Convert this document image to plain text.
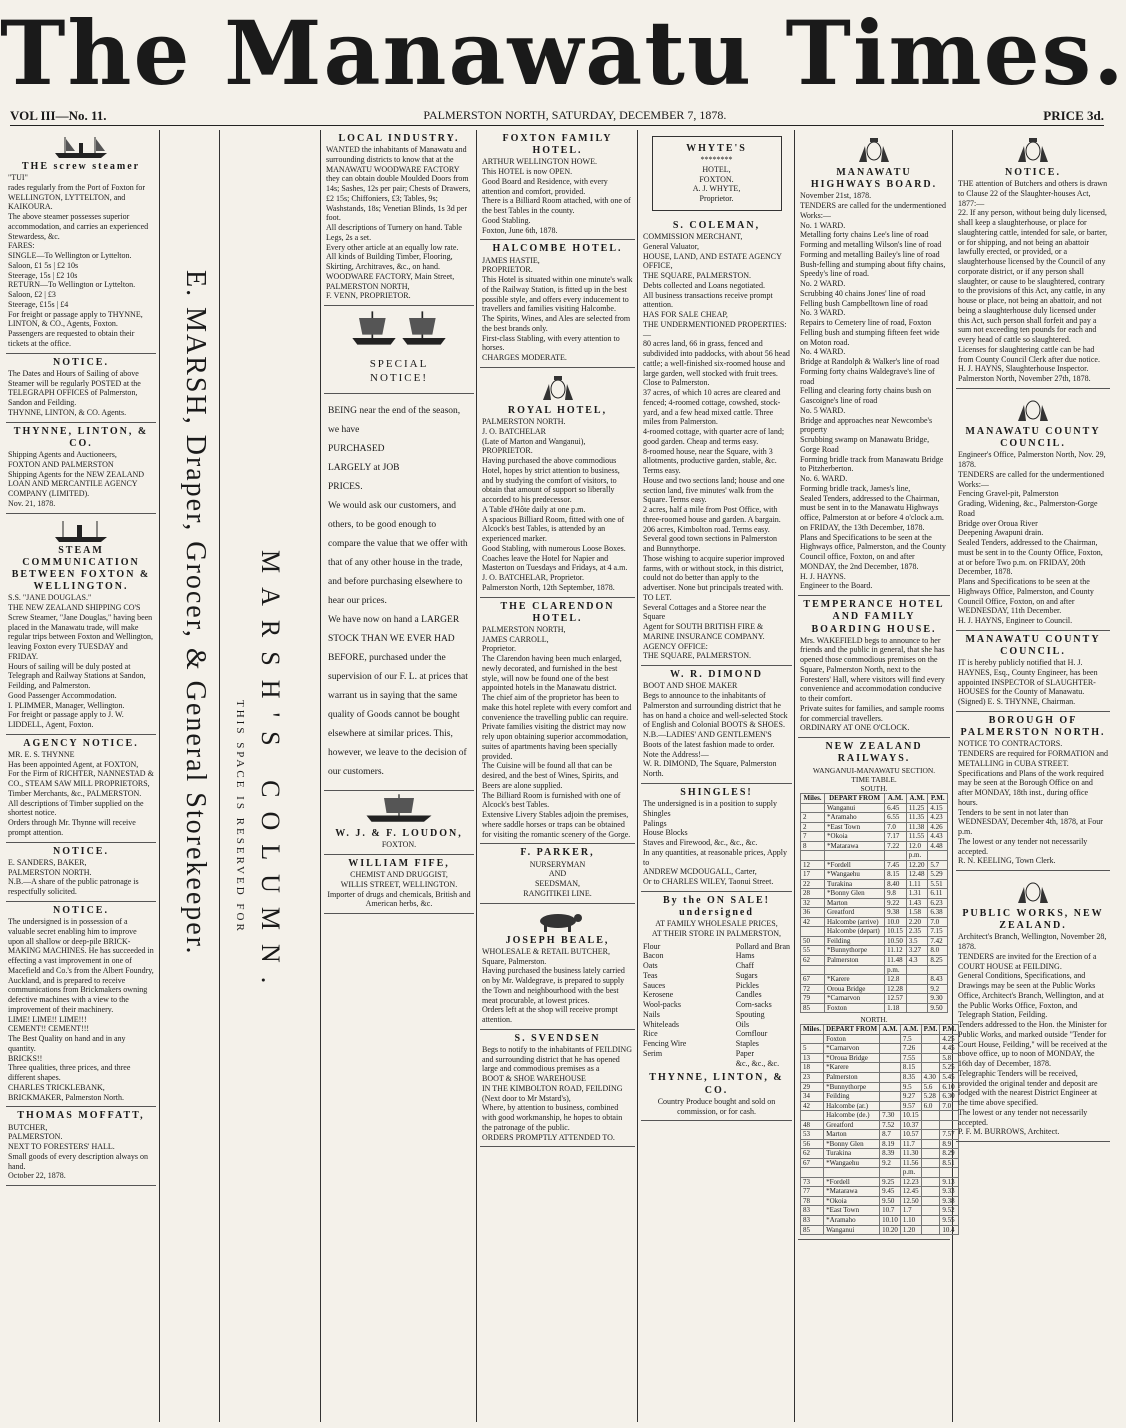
The Manawatu Times.
VOL III—No. 11.	PALMERSTON NORTH, SATURDAY, DECEMBER 7, 1878.	PRICE 3d.
THE screw steamer
"TUI"
rades regularly from the Port of Foxton for WELLINGTON, LYTTELTON, and KAIKOURA.
The above steamer possesses superior accommodation, and carries an experienced Stewardess, &c.
FARES:
SINGLE—To Wellington or Lyttelton. Saloon, £1 5s | £2 10s
Steerage, 15s | £2 10s
RETURN—To Wellington or Lyttelton. Saloon, £2 | £3
Steerage, £15s | £4
For freight or passage apply to THYNNE, LINTON, & CO., Agents, Foxton.
Passengers are requested to obtain their tickets at the office.
NOTICE.
The Dates and Hours of Sailing of above Steamer will be regularly POSTED at the TELEGRAPH OFFICES of Palmerston, Sandon and Feilding.
THYNNE, LINTON, & CO. Agents.
THYNNE, LINTON, & CO.
Shipping Agents and Auctioneers,
FOXTON AND PALMERSTON
Shipping Agents for the NEW ZEALAND LOAN AND MERCANTILE AGENCY COMPANY (LIMITED).
Nov. 21, 1878.
STEAM COMMUNICATION BETWEEN FOXTON & WELLINGTON.
S.S. "JANE DOUGLAS."
THE NEW ZEALAND SHIPPING CO'S Screw Steamer, "Jane Douglas," having been placed in the Manawatu trade, will make regular trips between Foxton and Wellington, leaving Foxton every TUESDAY and FRIDAY.
Hours of sailing will be duly posted at Telegraph and Railway Stations at Sandon, Feilding, and Palmerston.
Good Passenger Accommodation.
I. PLIMMER, Manager, Wellington.
For freight or passage apply to J. W. LIDDELL, Agent, Foxton.
AGENCY NOTICE.
MR. E. S. THYNNE
Has been appointed Agent, at FOXTON,
For the Firm of RICHTER, NANNESTAD & CO., STEAM SAW MILL PROPRIETORS, Timber Merchants, &c., PALMERSTON.
All descriptions of Timber supplied on the shortest notice.
Orders through Mr. Thynne will receive prompt attention.
NOTICE.
E. SANDERS, BAKER,
PALMERSTON NORTH.
N.B.—A share of the public patronage is respectfully solicited.
NOTICE.
The undersigned is in possession of a valuable secret enabling him to improve upon all shallow or deep-pile BRICK-MAKING MACHINES. He has succeeded in effecting a vast improvement in one of Macefield and Co.'s from the Albert Foundry, Auckland, and is prepared to receive communications from Brickmakers owning defective machines with a view to the improvement of their machinery.
LIME! LIME!! LIME!!!
CEMENT!! CEMENT!!!
The Best Quality on hand and in any quantity.
BRICKS!!
Three qualities, three prices, and three different shapes.
CHARLES TRICKLEBANK, BRICKMAKER, Palmerston North.
THOMAS MOFFATT,
BUTCHER,
PALMERSTON.
NEXT TO FORESTERS' HALL.
Small goods of every description always on hand.
October 22, 1878.
E. MARSH, Draper, Grocer, & General Storekeeper. MARSH'S COLUMN.
THIS SPACE IS RESERVED FOR
LOCAL INDUSTRY.
WANTED the inhabitants of Manawatu and surrounding districts to know that at the MANAWATU WOODWARE FACTORY they can obtain double Moulded Doors from 14s; Sashes, 12s per pair; Chests of Drawers, £2 15s; Chiffoniers, £3; Tables, 9s; Washstands, 18s; Venetian Blinds, 1s 3d per foot.
All descriptions of Turnery on hand. Table Legs, 2s a set.
Every other article at an equally low rate.
All kinds of Building Timber, Flooring, Skirting, Architraves, &c., on hand.
WOODWARE FACTORY, Main Street, PALMERSTON NORTH,
F. VENN, PROPRIETOR.
SPECIAL
NOTICE!
BEING near the end of the season, we have
PURCHASED
LARGELY at JOB
PRICES.
We would ask our customers, and others, to be good enough to compare the value that we offer with that of any other house in the trade, and before purchasing elsewhere to hear our prices.
We have now on hand a LARGER STOCK THAN WE EVER HAD BEFORE, purchased under the supervision of our F. L. at prices that warrant us in saying that the same quality of Goods cannot be bought elsewhere at similar prices. This, however, we leave to the decision of our customers.
W. J. & F. LOUDON,
FOXTON.
WILLIAM FIFE,
CHEMIST AND DRUGGIST,
WILLIS STREET, WELLINGTON.
Importer of drugs and chemicals, British and American herbs, &c.
FOXTON FAMILY HOTEL.
ARTHUR WELLINGTON HOWE.
This HOTEL is now OPEN.
Good Board and Residence, with every attention and comfort, provided.
There is a Billiard Room attached, with one of the best Tables in the county.
Good Stabling.
Foxton, June 6th, 1878.
HALCOMBE HOTEL.
JAMES HASTIE,
PROPRIETOR.
This Hotel is situated within one minute's walk of the Railway Station, is fitted up in the best possible style, and offers every inducement to travellers and families visiting Halcombe.
The Spirits, Wines, and Ales are selected from the best brands only.
First-class Stabling, with every attention to horses.
CHARGES MODERATE.
ROYAL HOTEL,
PALMERSTON NORTH.
J. O. BATCHELAR
(Late of Marton and Wanganui),
PROPRIETOR.
Having purchased the above commodious Hotel, hopes by strict attention to business, and by studying the comfort of visitors, to obtain that amount of support so liberally accorded to his predecessor.
A Table d'Hôte daily at one p.m.
A spacious Billiard Room, fitted with one of Alcock's best Tables, is attended by an experienced marker.
Good Stabling, with numerous Loose Boxes.
Coaches leave the Hotel for Napier and Masterton on Tuesdays and Fridays, at 4 a.m.
J. O. BATCHELAR, Proprietor.
Palmerston North, 12th September, 1878.
THE CLARENDON HOTEL.
PALMERSTON NORTH,
JAMES CARROLL,
Proprietor.
The Clarendon having been much enlarged, newly decorated, and furnished in the best style, will now be found one of the best appointed hotels in the Manawatu district.
The chief aim of the proprietor has been to make this hotel replete with every comfort and convenience the travelling public can require.
Private families visiting the district may now rely upon obtaining superior accommodation, suites of apartments having been specially provided.
The Cuisine will be found all that can be desired, and the best of Wines, Spirits, and Beers are alone supplied.
The Billiard Room is furnished with one of Alcock's best Tables.
Extensive Livery Stables adjoin the premises, where saddle horses or traps can be obtained for visiting the romantic scenery of the Gorge.
F. PARKER,
NURSERYMAN
AND
SEEDSMAN,
RANGITIKEI LINE.
JOSEPH BEALE,
WHOLESALE & RETAIL BUTCHER,
Square, Palmerston.
Having purchased the business lately carried on by Mr. Waldegrave, is prepared to supply the Town and neighbourhood with the best meat procurable, at lowest prices.
Orders left at the shop will receive prompt attention.
S. SVENDSEN
Begs to notify to the inhabitants of FEILDING and surrounding district that he has opened large and commodious premises as a
BOOT & SHOE WAREHOUSE
IN THE KIMBOLTON ROAD, FEILDING
(Next door to Mr Mstard's),
Where, by attention to business, combined with good workmanship, he hopes to obtain the patronage of the public.
ORDERS PROMPTLY ATTENDED TO.
WHYTE'S
********
HOTEL,
FOXTON.
A. J. WHYTE,
Proprietor.
S. COLEMAN,
COMMISSION MERCHANT,
General Valuator,
HOUSE, LAND, AND ESTATE AGENCY OFFICE,
THE SQUARE, PALMERSTON.
Debts collected and Loans negotiated.
All business transactions receive prompt attention.
HAS FOR SALE CHEAP,
THE UNDERMENTIONED PROPERTIES:—
80 acres land, 66 in grass, fenced and subdivided into paddocks, with about 56 head cattle; a well-finished six-roomed house and large garden, well stocked with fruit trees. Close to Palmerston.
37 acres, of which 10 acres are cleared and fenced; 4-roomed cottage, cowshed, stock-yard, and a few head mixed cattle. Three miles from Palmerston.
4-roomed cottage, with quarter acre of land; good garden. Cheap and terms easy.
8-roomed house, near the Square, with 3 allotments, productive garden, stable, &c. Terms easy.
House and two sections land; house and one section land, five minutes' walk from the Square. Terms easy.
2 acres, half a mile from Post Office, with three-roomed house and garden. A bargain.
206 acres, Kimbolton road. Terms easy.
Several good town sections in Palmerston and Bunnythorpe.
Those wishing to acquire superior improved farms, with or without stock, in this district, could not do better than apply to the advertiser. None but principals treated with.
TO LET.
Several Cottages and a Storee near the Square
Agent for SOUTH BRITISH FIRE & MARINE INSURANCE COMPANY.
AGENCY OFFICE:
THE SQUARE, PALMERSTON.
W. R. DIMOND
BOOT AND SHOE MAKER
Begs to announce to the inhabitants of Palmerston and surrounding district that he has on hand a choice and well-selected Stock of English and Colonial BOOTS & SHOES.
N.B.—LADIES' AND GENTLEMEN'S Boots of the latest fashion made to order.
Note the Address!—
W. R. DIMOND, The Square, Palmerston North.
SHINGLES!
The undersigned is in a position to supply
Shingles
Palings
House Blocks
Staves and Firewood, &c., &c., &c.
In any quantities, at reasonable prices, Apply to
ANDREW MCDOUGALL, Carter,
Or to CHARLES WILEY, Taonui Street.
By the ON SALE! undersigned
AT FAMILY WHOLESALE PRICES,
AT THEIR STORE IN PALMERSTON,
Flour
Bacon
Oats
Teas
Sauces
Kerosene
Wool-packs
Nails
Whiteleads
Rice
Fencing Wire
Serim
Pollard and Bran
Hams
Chaff
Sugars
Pickles
Candles
Corn-sacks
Spouting
Oils
Cornflour
Staples
Paper
&c., &c., &c.
THYNNE, LINTON, & CO.
Country Produce bought and sold on commission, or for cash.
MANAWATU HIGHWAYS BOARD.
November 21st, 1878.
TENDERS are called for the undermentioned Works:—
No. 1 WARD.
Metalling forty chains Lee's line of road
Forming and metalling Wilson's line of road
Forming and metalling Bailey's line of road
Bush-felling and stumping about fifty chains, Speedy's line of road.
No. 2 WARD.
Scrubbing 40 chains Jones' line of road
Felling bush Campbelltown line of road
No. 3 WARD.
Repairs to Cemetery line of road, Foxton
Felling bush and stumping fifteen feet wide on Moton road.
No. 4 WARD.
Bridge at Randolph & Walker's line of road
Forming forty chains Waldegrave's line of road
Felling and clearing forty chains bush on Gascoigne's line of road
No. 5 WARD.
Bridge and approaches near Newcombe's property
Scrubbing swamp on Manawatu Bridge, Gorge Road
Forming bridle track from Manawatu Bridge to Pitzherberton.
No. 6. WARD.
Forming bridle track, James's line,
Sealed Tenders, addressed to the Chairman, must be sent in to the Manawatu Highways office, Palmerston at or before 4 o'clock a.m. on FRIDAY, the 13th December, 1878.
Plans and Specifications to be seen at the Highways office, Palmerston, and the County Council office, Foxton, on and after MONDAY, the 2nd December, 1878.
H. J. HAYNS.
Engineer to the Board.
TEMPERANCE HOTEL AND FAMILY BOARDING HOUSE.
Mrs. WAKEFIELD begs to announce to her friends and the public in general, that she has opened those commodious premises on the Square, Palmerston North, next to the Foresters' Hall, where visitors will find every convenience and accommodation conducive to their comfort.
Private suites for families, and sample rooms for commercial travellers.
ORDINARY AT ONE O'CLOCK.
NEW ZEALAND RAILWAYS.
WANGANUI-MANAWATU SECTION.
TIME TABLE.
SOUTH.
Miles.	DEPART FROM	A.M.	A.M.	P.M.
	Wanganui	6.45	11.25	4.15
2	*Aramaho	6.55	11.35	4.23
2	*East Town	7.0	11.38	4.26
7	*Okoia	7.17	11.55	4.43
8	*Matarawa	7.22	12.0	4.48
			p.m.	
12	*Fordell	7.45	12.20	5.7
17	*Wangaehu	8.15	12.48	5.29
22	Turakina	8.40	1.11	5.51
28	*Bonny Glen	9.8	1.31	6.11
32	Marton	9.22	1.43	6.23
36	Greatford	9.38	1.58	6.38
42	Halcombe (arrive)	10.0	2.20	7.0
	Halcombe (depart)	10.15	2.35	7.15
50	Feilding	10.50	3.5	7.42
55	*Bunnythorpe	11.12	3.27	8.0
62	Palmerston	11.48	4.3	8.25
		p.m.		
67	*Karere	12.8		8.43
72	Oroua Bridge	12.28		9.2
79	*Carnarvon	12.57		9.30
85	Foxton	1.18		9.50
NORTH.
Miles.	DEPART FROM	A.M.	A.M.	P.M.	P.M.
	Foxton		7.5		4.25
5	*Carnarvon		7.26		4.45
13	*Oroua Bridge		7.55		5.8
18	*Karere		8.15		5.25
23	Palmerston		8.35	4.30	5.45
29	*Bunnythorpe		9.5	5.6	6.10
34	Feilding		9.27	5.28	6.30
42	Halcombe (ar.)		9.57	6.0	7.0
	Halcombe (de.)	7.30	10.15		
48	Greatford	7.52	10.37		
53	Marton	8.7	10.57		7.57
56	*Bonny Glen	8.19	11.7		8.9
62	Turakina	8.39	11.30		8.29
67	*Wangaehu	9.2	11.56		8.51
			p.m.		
73	*Fordell	9.25	12.23		9.13
77	*Matarawa	9.45	12.45		9.33
78	*Okoia	9.50	12.50		9.38
83	*East Town	10.7	1.7		9.52
83	*Aramaho	10.10	1.10		9.55
85	Wanganui	10.20	1.20		10.4
NOTICE.
THE attention of Butchers and others is drawn to Clause 22 of the Slaughter-houses Act, 1877:—
22. If any person, without being duly licensed, shall keep a slaughterhouse, or place for slaughtering cattle, intended for sale, or barter, or for shipping, and not being an abattoir lawfully erected, or provided, or a slaughterhouse licensed by the Council of any corporate district, or if any person shall slaughter, or cause to be slaughtered, contrary to the provisions of this Act, any cattle, in any house or place, not being an abattoir, and not being a slaughterhouse duly licensed under this Act, such person shall forfeit and pay a sum not exceeding ten pounds for each and every head of cattle so slaughtered.
Licenses for slaughtering cattle can be had from County Council Clerk after due notice.
H. J. HAYNS, Slaughterhouse Inspector.
Palmerston North, November 27th, 1878.
MANAWATU COUNTY COUNCIL.
Engineer's Office, Palmerston North, Nov. 29, 1878.
TENDERS are called for the undermentioned Works:—
Fencing Gravel-pit, Palmerston
Grading, Widening, &c., Palmerston-Gorge Road
Bridge over Oroua River
Deepening Awapuni drain.
Sealed Tenders, addressed to the Chairman, must be sent in to the County Office, Foxton, at or before Two p.m. on FRIDAY, 20th December, 1878.
Plans and Specifications to be seen at the Highways Office, Palmerston, and County Council Office, Foxton, on and after WEDNESDAY, 11th December.
H. J. HAYNS, Engineer to Council.
MANAWATU COUNTY COUNCIL.
IT is hereby publicly notified that H. J. HAYNES, Esq., County Engineer, has been appointed INSPECTOR of SLAUGHTER-HOUSES for the County of Manawatu.
(Signed) E. S. THYNNE, Chairman.
BOROUGH OF PALMERSTON NORTH.
NOTICE TO CONTRACTORS.
TENDERS are required for FORMATION and METALLING in CUBA STREET.
Specifications and Plans of the work required may be seen at the Borough Office on and after MONDAY, 18th inst., during office hours.
Tenders to be sent in not later than WEDNESDAY, December 4th, 1878, at Four p.m.
The lowest or any tender not necessarily accepted.
R. N. KEELING, Town Clerk.
PUBLIC WORKS, NEW ZEALAND.
Architect's Branch, Wellington, November 28, 1878.
TENDERS are invited for the Erection of a COURT HOUSE at FEILDING.
General Conditions, Specifications, and Drawings may be seen at the Public Works Office, Architect's Branch, Wellington, and at the Public Works Office, Foxton, and Telegraph Station, Feilding.
Tenders addressed to the Hon. the Minister for Public Works, and marked outside "Tender for Court House, Feilding," will be received at the above office, up to noon of MONDAY, the 16th day of December, 1878.
Telegraphic Tenders will be received, provided the original tender and deposit are lodged with the nearest District Engineer at the time above specified.
The lowest or any tender not necessarily accepted.
P. F. M. BURROWS, Architect.
